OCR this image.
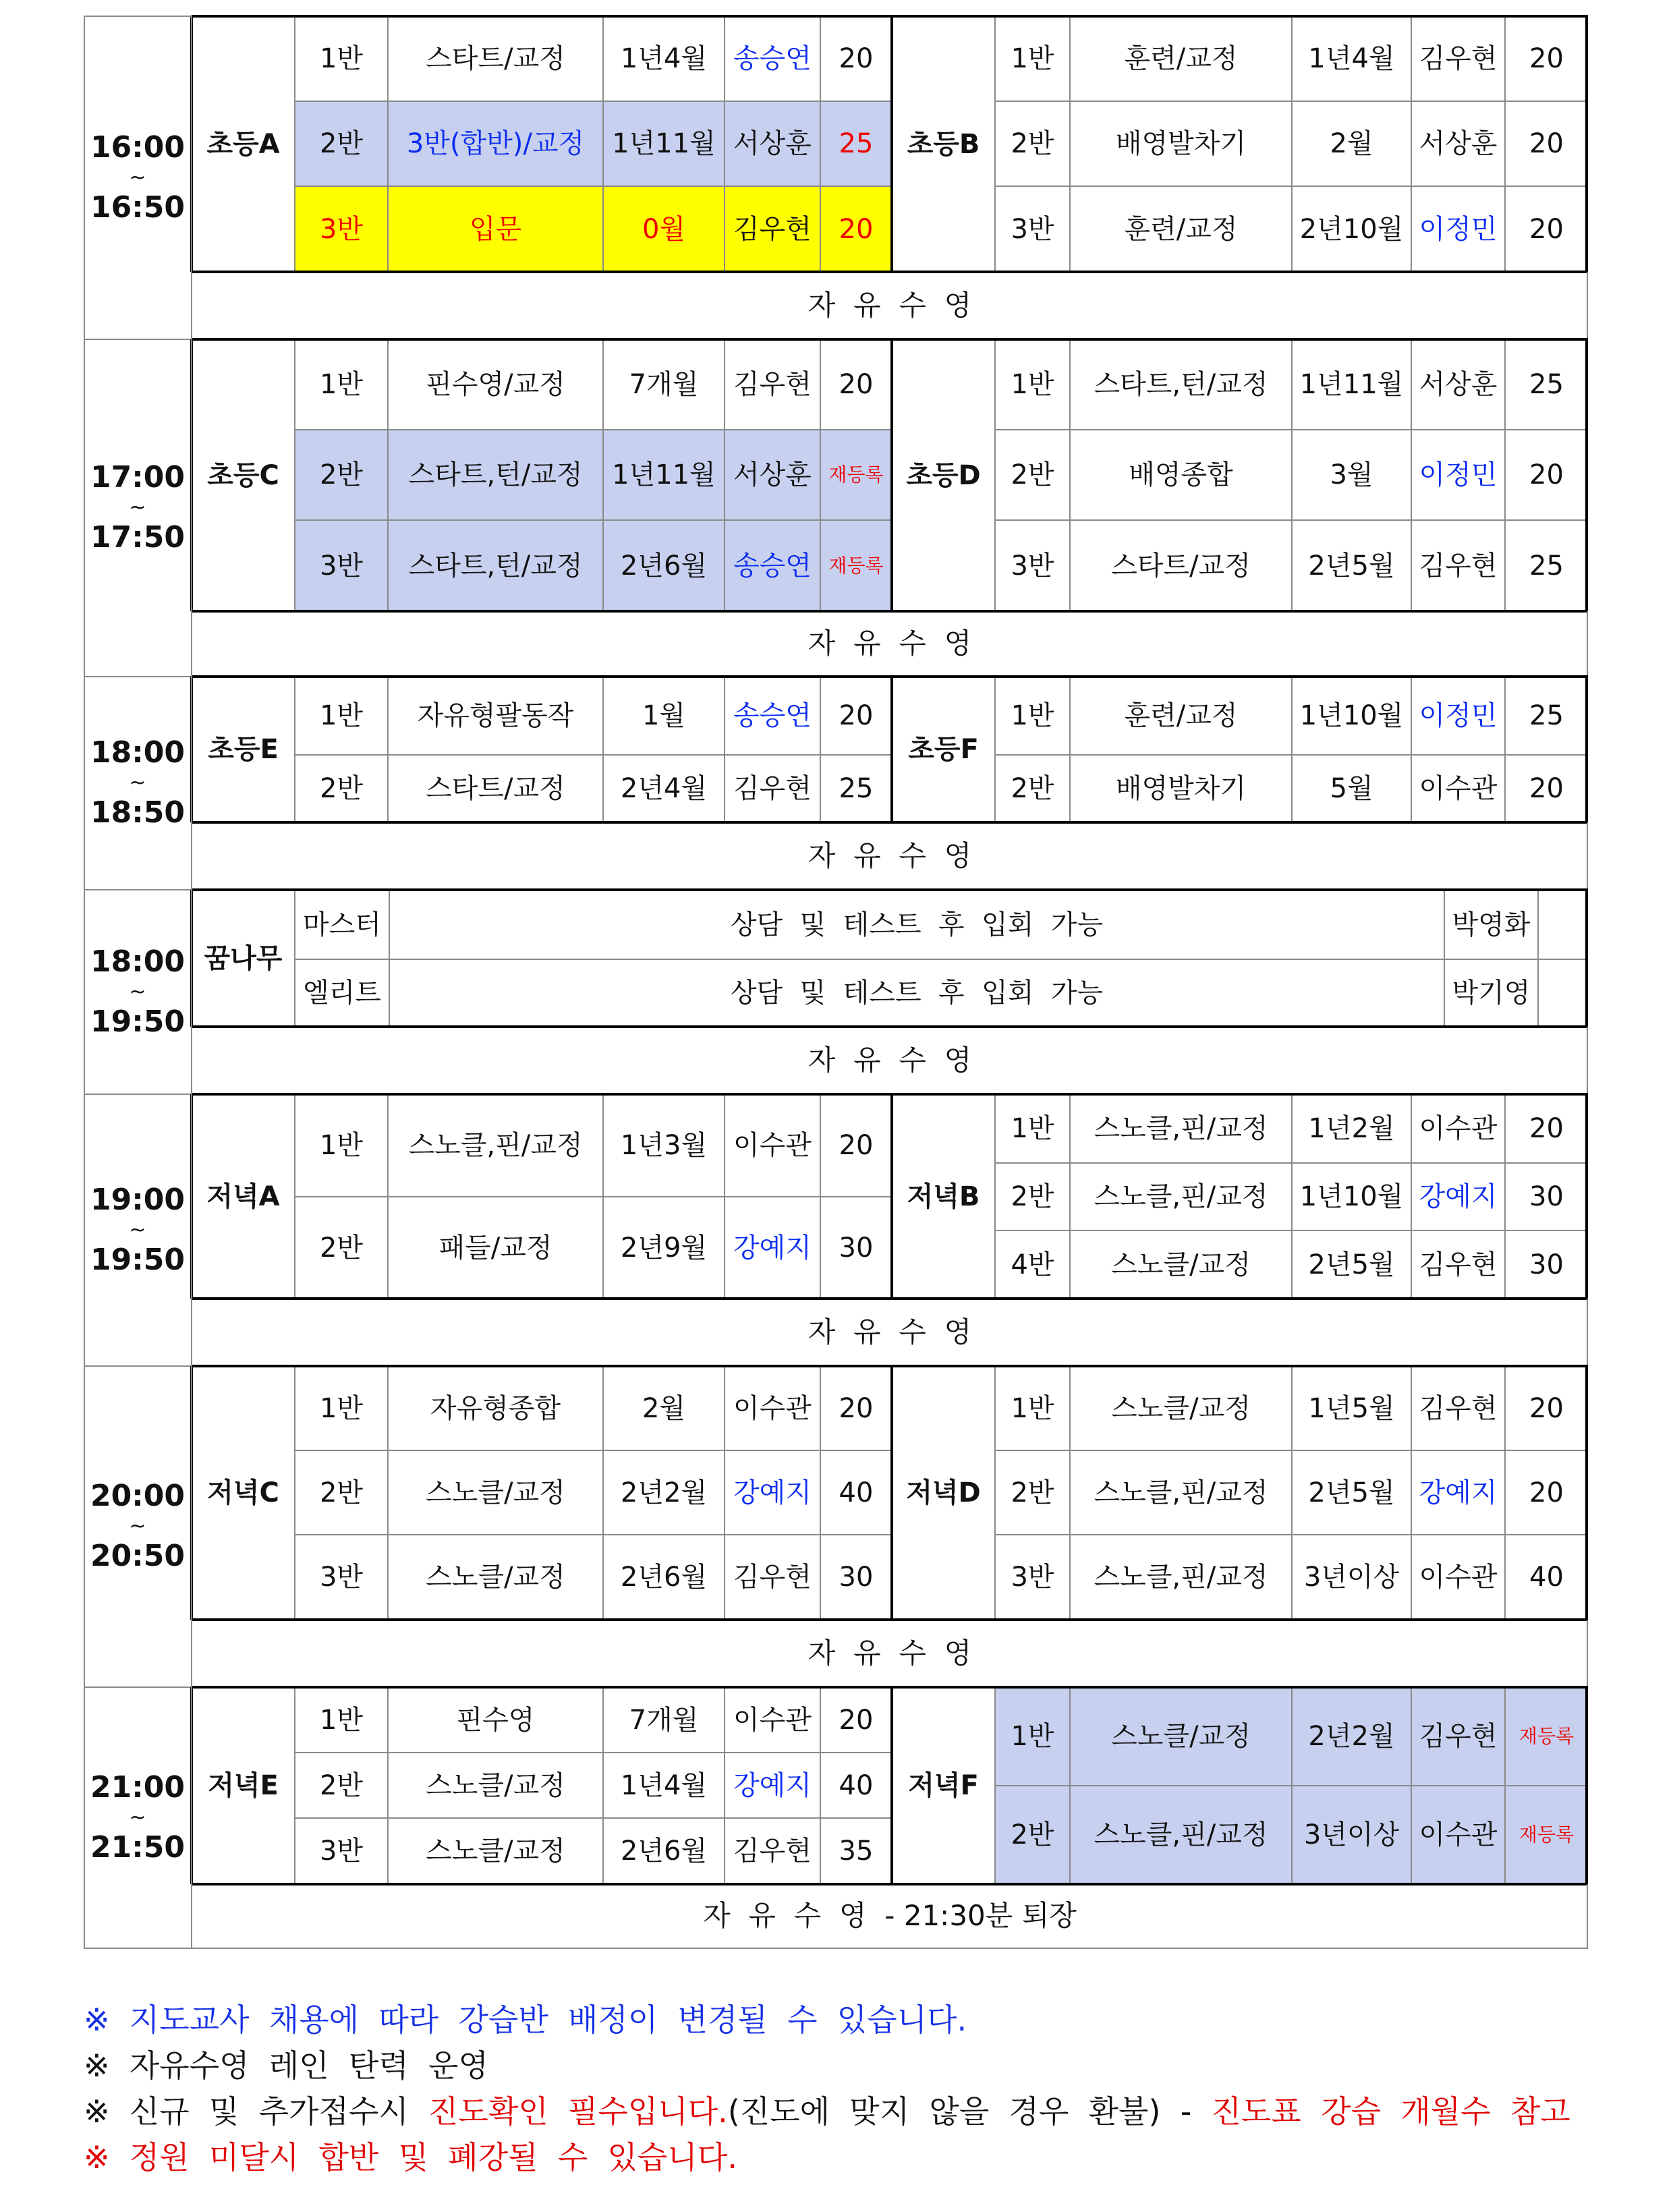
16:00
~
16:50
초등A
1반	스타트/교정	1년4월 송승연	20
2반	3반(합반)/교정	1년11월 서상훈	25
3반	입문	0월	김우현	20
초등B
1반	훈련/교정	1년4월 김우현	20
2반	배영발차기	2월	서상훈	20
3반	훈련/교정	2년10월 이정민	20
자  유  수  영
17:00
~
17:50
초등C
1반	핀수영/교정	7개월	김우현	20
2반	스타트,턴/교정	1년11월 서상훈 재등록
3반	스타트,턴/교정	2년6월 송승연 재등록
초등D
1반	스타트,턴/교정	1년11월 서상훈	25
2반	배영종합	3월	이정민	20
3반	스타트/교정	2년5월 김우현	25
자  유  수  영
18:00
~
18:50
초등E
1반	자유형팔동작	1월	송승연	20
2반	스타트/교정	2년4월 김우현	25
초등F
1반	훈련/교정	1년10월 이정민	25
2반	배영발차기	5월	이수관	20
자  유  수  영
18:00
~
19:50
꿈나무
마스터	상담  및  테스트  후  입회  가능	박영화
엘리트	상담  및  테스트  후  입회  가능	박기영
자  유  수  영
19:00
~
19:50
저녁A
1반	스노클,핀/교정	1년3월 이수관	20
2반	패들/교정	2년9월 강예지	30
저녁B
1반	스노클,핀/교정	1년2월 이수관	20
2반	스노클,핀/교정	1년10월 강예지	30
4반	스노클/교정	2년5월 김우현	30
자  유  수  영
20:00
~
20:50
저녁C
1반	자유형종합	2월	이수관	20
2반	스노클/교정	2년2월 강예지	40
3반	스노클/교정	2년6월 김우현	30
저녁D
1반	스노클/교정	1년5월 김우현	20
2반	스노클,핀/교정	2년5월 강예지	20
3반	스노클,핀/교정	3년이상 이수관	40
자  유  수  영
21:00
~
21:50
저녁E
1반	핀수영	7개월	이수관	20
2반	스노클/교정	1년4월 강예지	40
3반	스노클/교정	2년6월 김우현	35
저녁F
1반	스노클/교정	2년2월 김우현	재등록
2반	스노클,핀/교정	3년이상 이수관	재등록
자  유  수  영  - 21:30분 퇴장
※  지도교사  채용에  따라  강습반  배정이  변경될  수  있습니다.
※  자유수영  레인  탄력  운영
※  신규  및  추가접수시  진도확인  필수입니다.(진도에  맞지  않을  경우  환불)  -  진도표  강습  개월수  참고
※  정원  미달시  합반  및  폐강될  수  있습니다.
